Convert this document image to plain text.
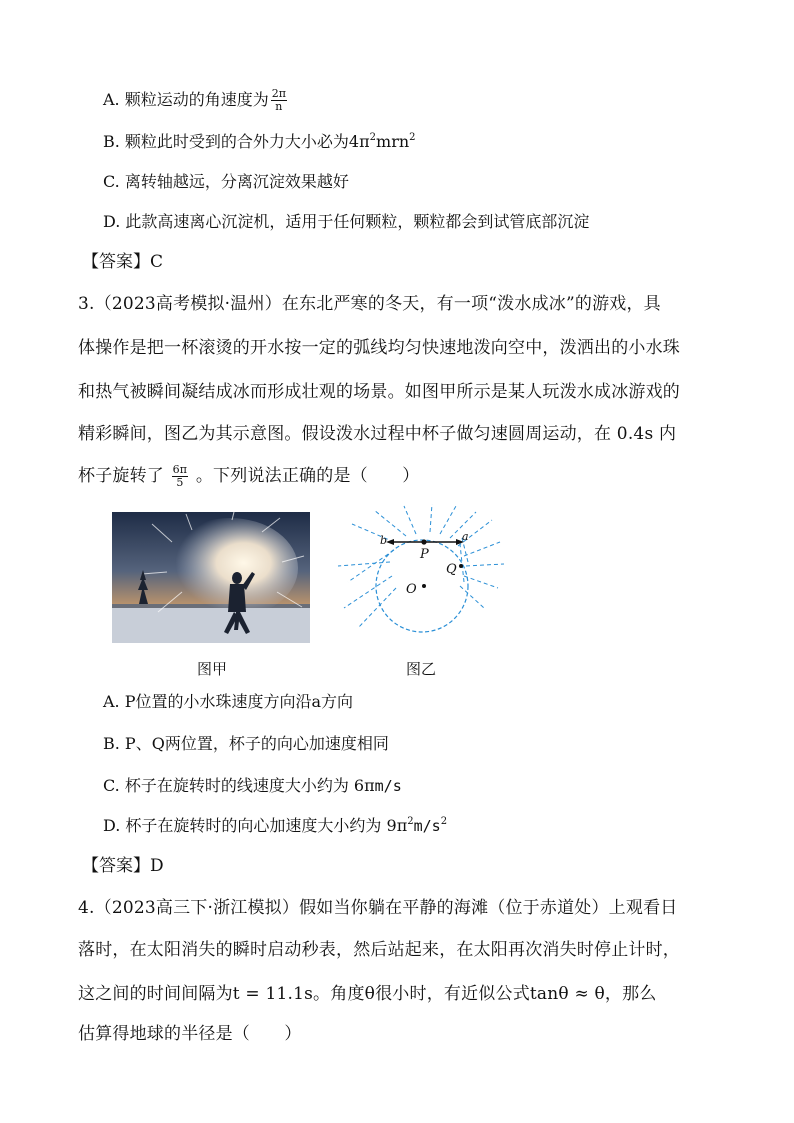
A. 颗粒运动的角速度为 $\frac{2\pi}{n}$
B. 颗粒此时受到的合外力大小必为$4\pi^2mrn^2$
C. 离转轴越远，分离沉淀效果越好
D. 此款高速离心沉淀机，适用于任何颗粒，颗粒都会到试管底部沉淀
【答案】C
3.（2023高考模拟·温州）在东北严寒的冬天，有一项“泼水成冰”的游戏，具
体操作是把一杯滚烫的开水按一定的弧线均匀快速地泼向空中，泼洒出的小水珠
和热气被瞬间凝结成冰而形成壮观的场景。如图甲所示是某人玩泼水成冰游戏的
精彩瞬间，图乙为其示意图。假设泼水过程中杯子做匀速圆周运动，在 0.4s 内
杯子旋转了 $\frac{6\pi}{5}$ 。下列说法正确的是（　　）
b
P
a
Q
O
图甲	图乙
A. P位置的小水珠速度方向沿a方向
B. P、Q两位置，杯子的向心加速度相同
C. 杯子在旋转时的线速度大小约为 6πm/s
D. 杯子在旋转时的向心加速度大小约为 $9\pi^2m/s^2$
【答案】D
4.（2023高三下·浙江模拟）假如当你躺在平静的海滩（位于赤道处）上观看日
落时，在太阳消失的瞬时启动秒表，然后站起来，在太阳再次消失时停止计时，
这之间的时间间隔为t = 11.1s。角度θ很小时，有近似公式tanθ ≈ θ，那么
估算得地球的半径是（　　）
